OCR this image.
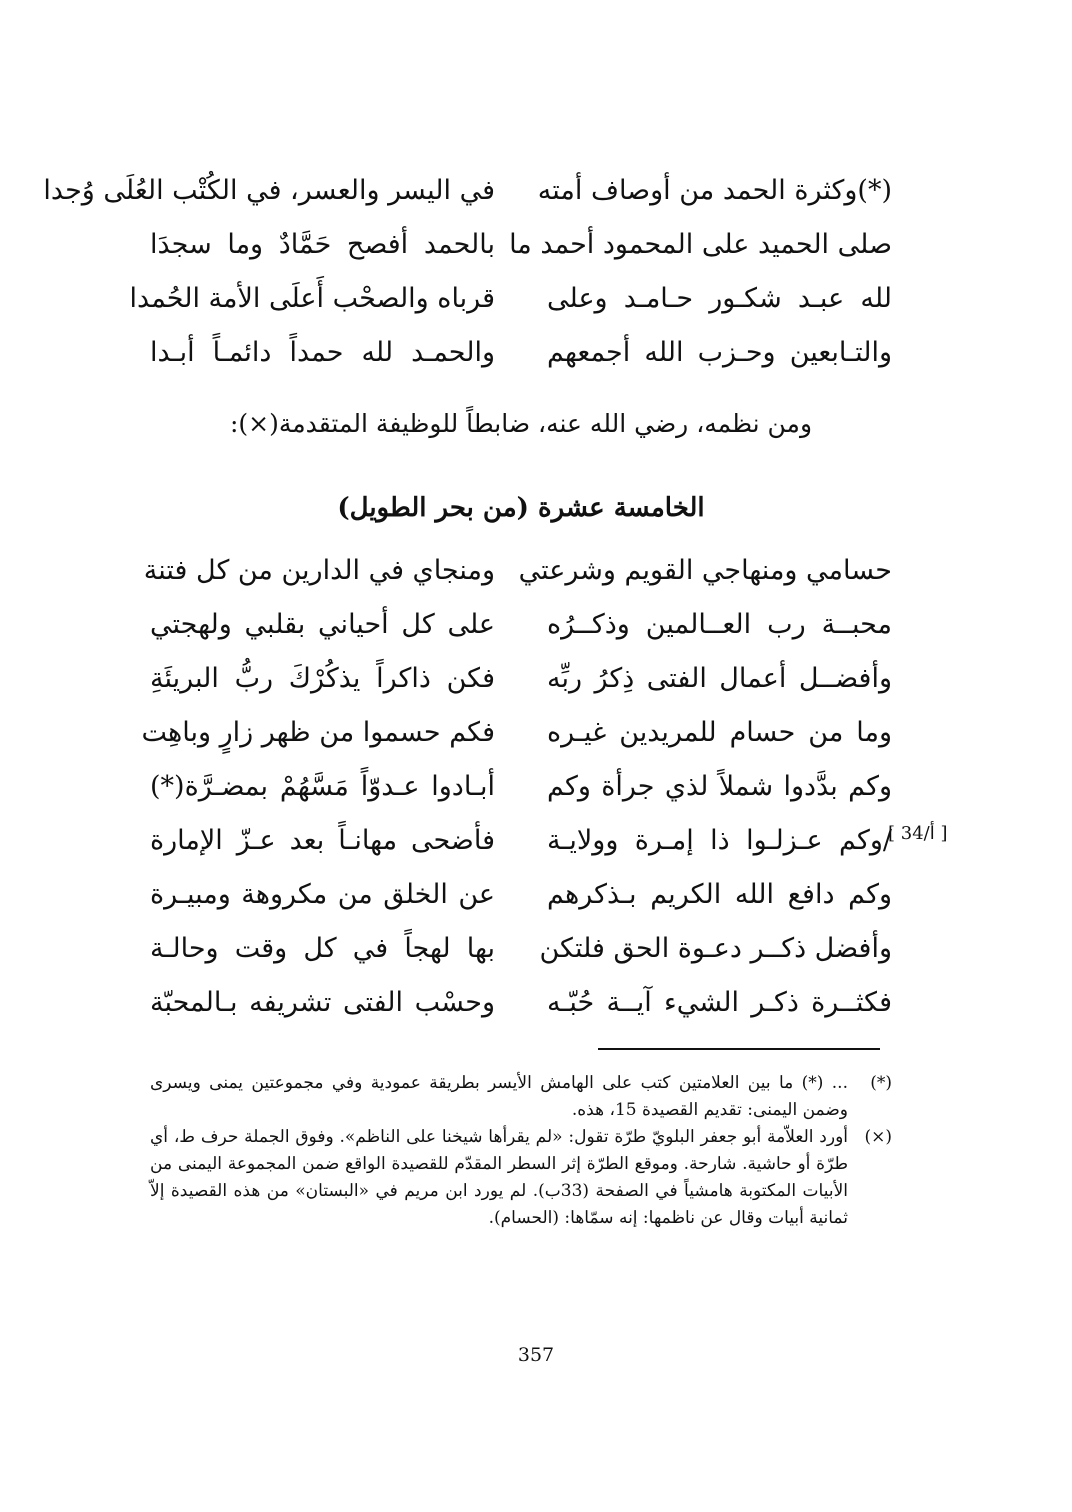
(*)وكثرة الحمد من أوصاف أمته
في اليسر والعسر، في الكُتْب العُلَى وُجدا
صلى الحميد على المحمود أحمد ما
بالحمد أفصح حَمَّادٌ وما سجدَا
لله عبـد شكـور حـامـد وعلى
قرباه والصحْب أَعلَى الأمة الحُمدا
والتـابعين وحـزب الله أجمعهم
والحمـد لله حمداً دائمـاً أبـدا
ومن نظمه، رضي الله عنه، ضابطاً للوظيفة المتقدمة(×):
الخامسة عشرة (من بحر الطويل)
حسامي ومنهاجي القويم وشرعتي
ومنجاي في الدارين من كل فتنة
محبــة رب العــالمين وذكــرُه
على كل أحياني بقلبي ولهجتي
وأفضــل أعمال الفتى ذِكرُ ربِّه
فكن ذاكراً يذكُرْكَ ربُّ البريئَةِ
وما من حسام للمريدين غيـره
فكم حسموا من ظهر زارٍ وباهِت
وكم بدَّدوا شملاً لذي جرأة وكم
أبـادوا عـدوّاً مَسَّهُمْ بمضـرَّة(*)
/وكم عـزلـوا ذا إمـرة وولايـة
فأضحى مهانـاً بعد عـزّ الإمارة
وكم دافع الله الكريم بـذكرهم
عن الخلق من مكروهة ومبيـرة
وأفضل ذكــر دعـوة الحق فلتكن
بها لهجاً في كل وقت وحالـة
فكثــرة ذكـر الشيء آيــة حُبّـه
وحسْب الفتى تشريفه بـالمحبّة
[ 34/أ ]
(*)
... (*) ما بين العلامتين كتب على الهامش الأيسر بطريقة عمودية وفي مجموعتين يمنى ويسرى وضمن اليمنى: تقديم القصيدة 15، هذه.
(×)
أورد العلاّمة أبو جعفر البلويّ طرّة تقول: «لم يقرأها شيخنا على الناظم». وفوق الجملة حرف ط، أي طرّة أو حاشية. شارحة. وموقع الطرّة إثر السطر المقدّم للقصيدة الواقع ضمن المجموعة اليمنى من الأبيات المكتوبة هامشياً في الصفحة (33ب). لم يورد ابن مريم في «البستان» من هذه القصيدة إلاّ ثمانية أبيات وقال عن ناظمها: إنه سمّاها: (الحسام).
357
